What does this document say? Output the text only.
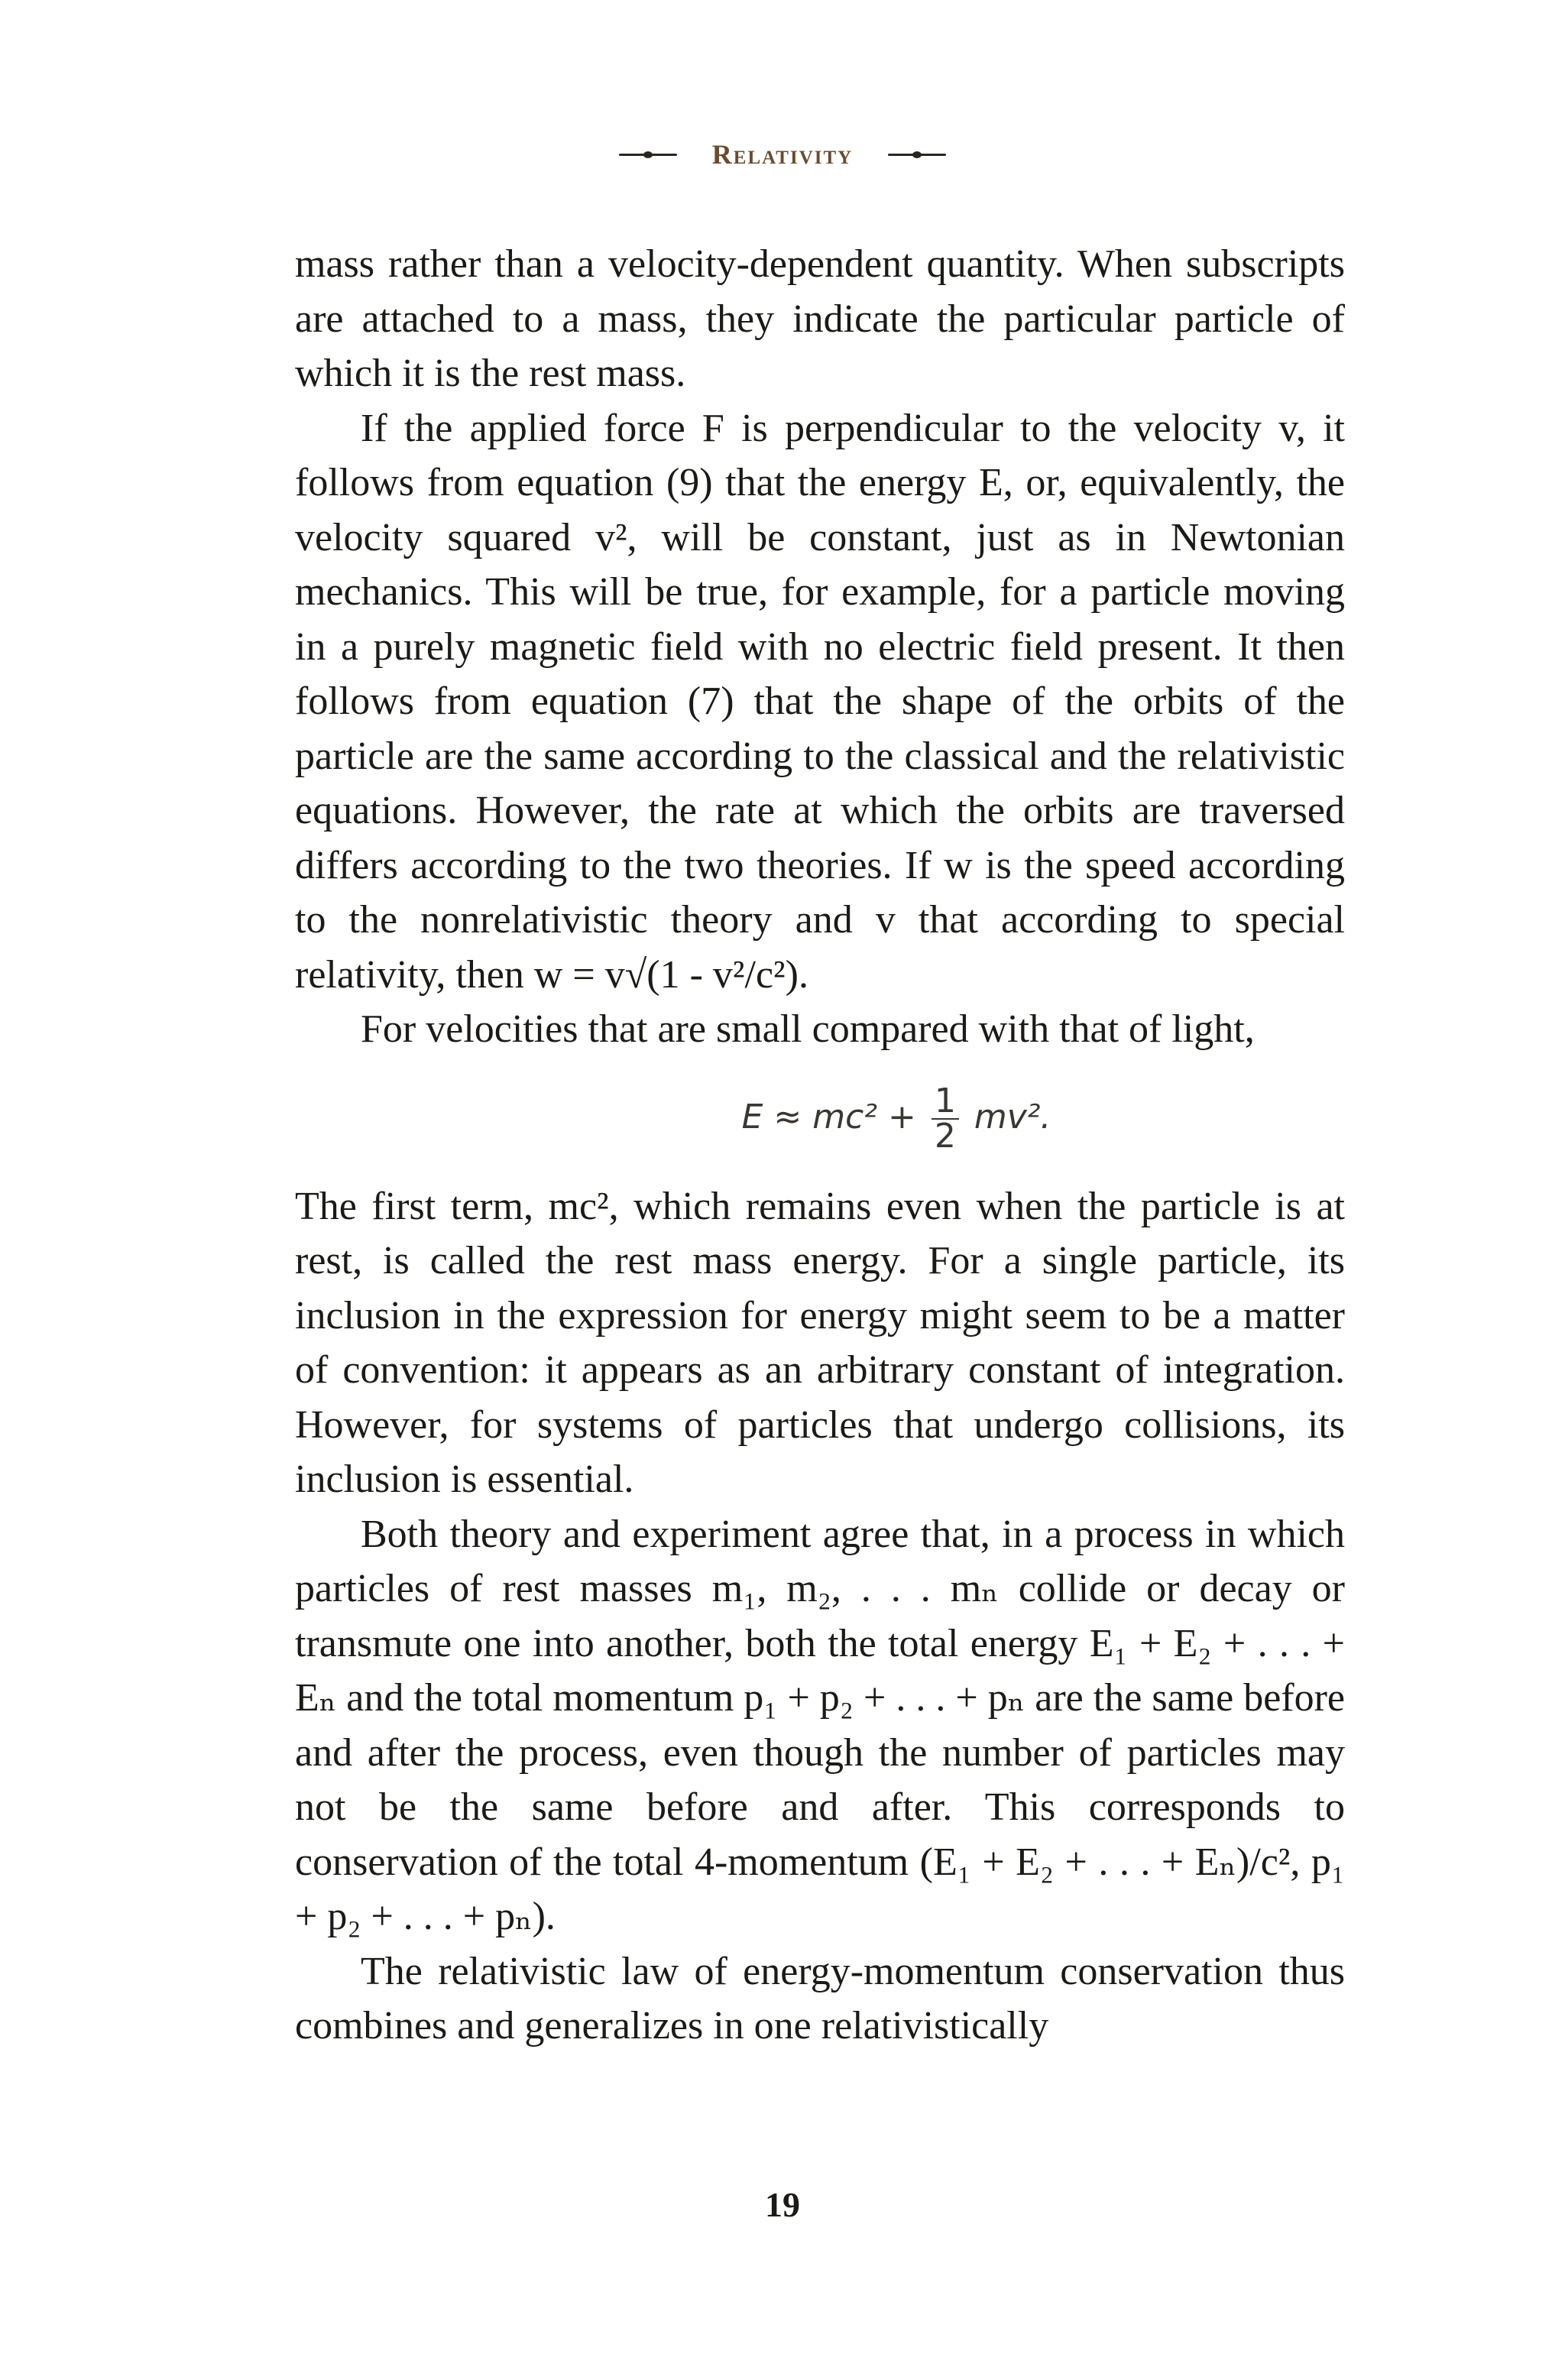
Relativity

mass rather than a velocity-dependent quantity. When subscripts are attached to a mass, they indicate the particular particle of which it is the rest mass.

If the applied force F is perpendicular to the velocity v, it follows from equation (9) that the energy E, or, equivalently, the velocity squared v², will be constant, just as in Newtonian mechanics. This will be true, for example, for a particle moving in a purely magnetic field with no electric field present. It then follows from equation (7) that the shape of the orbits of the particle are the same according to the classical and the relativistic equations. However, the rate at which the orbits are traversed differs according to the two theories. If w is the speed according to the nonrelativistic theory and v that according to special relativity, then w = v√(1 - v²/c²).

For velocities that are small compared with that of light,

$E \approx mc^2 + \frac{1}{2} mv^2$.

The first term, mc², which remains even when the particle is at rest, is called the rest mass energy. For a single particle, its inclusion in the expression for energy might seem to be a matter of convention: it appears as an arbitrary constant of integration. However, for systems of particles that undergo collisions, its inclusion is essential.

Both theory and experiment agree that, in a process in which particles of rest masses m₁, m₂, . . . mₙ collide or decay or transmute one into another, both the total energy E₁ + E₂ + . . . + Eₙ and the total momentum p₁ + p₂ + . . . + pₙ are the same before and after the process, even though the number of particles may not be the same before and after. This corresponds to conservation of the total 4-momentum (E₁ + E₂ + . . . + Eₙ)/c², p₁ + p₂ + . . . + pₙ).

The relativistic law of energy-momentum conservation thus combines and generalizes in one relativistically

19
